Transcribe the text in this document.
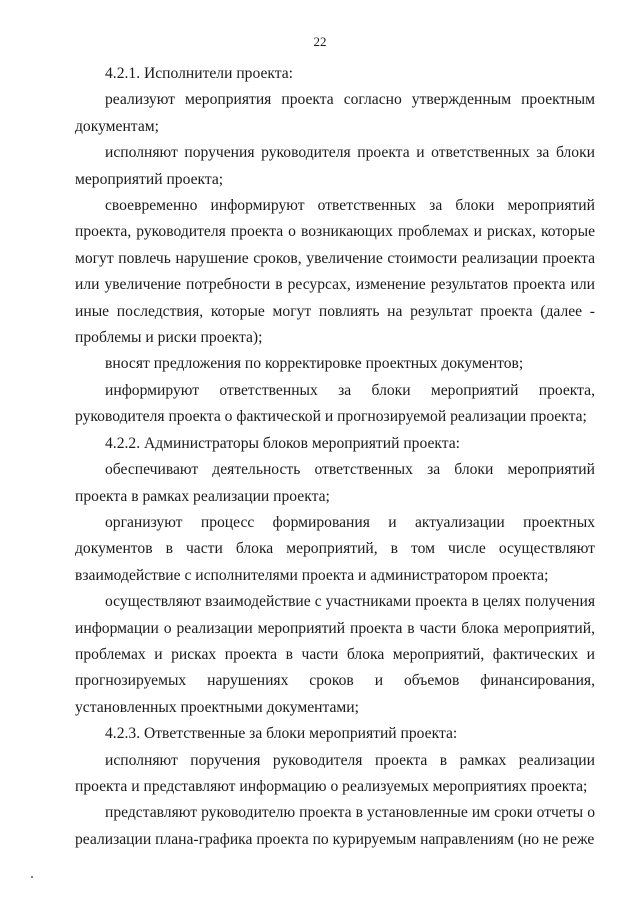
22

4.2.1. Исполнители проекта:

реализуют мероприятия проекта согласно утвержденным проектным документам;

исполняют поручения руководителя проекта и ответственных за блоки мероприятий проекта;

своевременно информируют ответственных за блоки мероприятий проекта, руководителя проекта о возникающих проблемах и рисках, которые могут повлечь нарушение сроков, увеличение стоимости реализации проекта или увеличение потребности в ресурсах, изменение результатов проекта или иные последствия, которые могут повлиять на результат проекта (далее - проблемы и риски проекта);

вносят предложения по корректировке проектных документов;

информируют ответственных за блоки мероприятий проекта, руководителя проекта о фактической и прогнозируемой реализации проекта;

4.2.2. Администраторы блоков мероприятий проекта:

обеспечивают деятельность ответственных за блоки мероприятий проекта в рамках реализации проекта;

организуют процесс формирования и актуализации проектных документов в части блока мероприятий, в том числе осуществляют взаимодействие с исполнителями проекта и администратором проекта;

осуществляют взаимодействие с участниками проекта в целях получения информации о реализации мероприятий проекта в части блока мероприятий, проблемах и рисках проекта в части блока мероприятий, фактических и прогнозируемых нарушениях сроков и объемов финансирования, установленных проектными документами;

4.2.3. Ответственные за блоки мероприятий проекта:

исполняют поручения руководителя проекта в рамках реализации проекта и представляют информацию о реализуемых мероприятиях проекта;

представляют руководителю проекта в установленные им сроки отчеты о реализации плана-графика проекта по курируемым направлениям (но не реже
